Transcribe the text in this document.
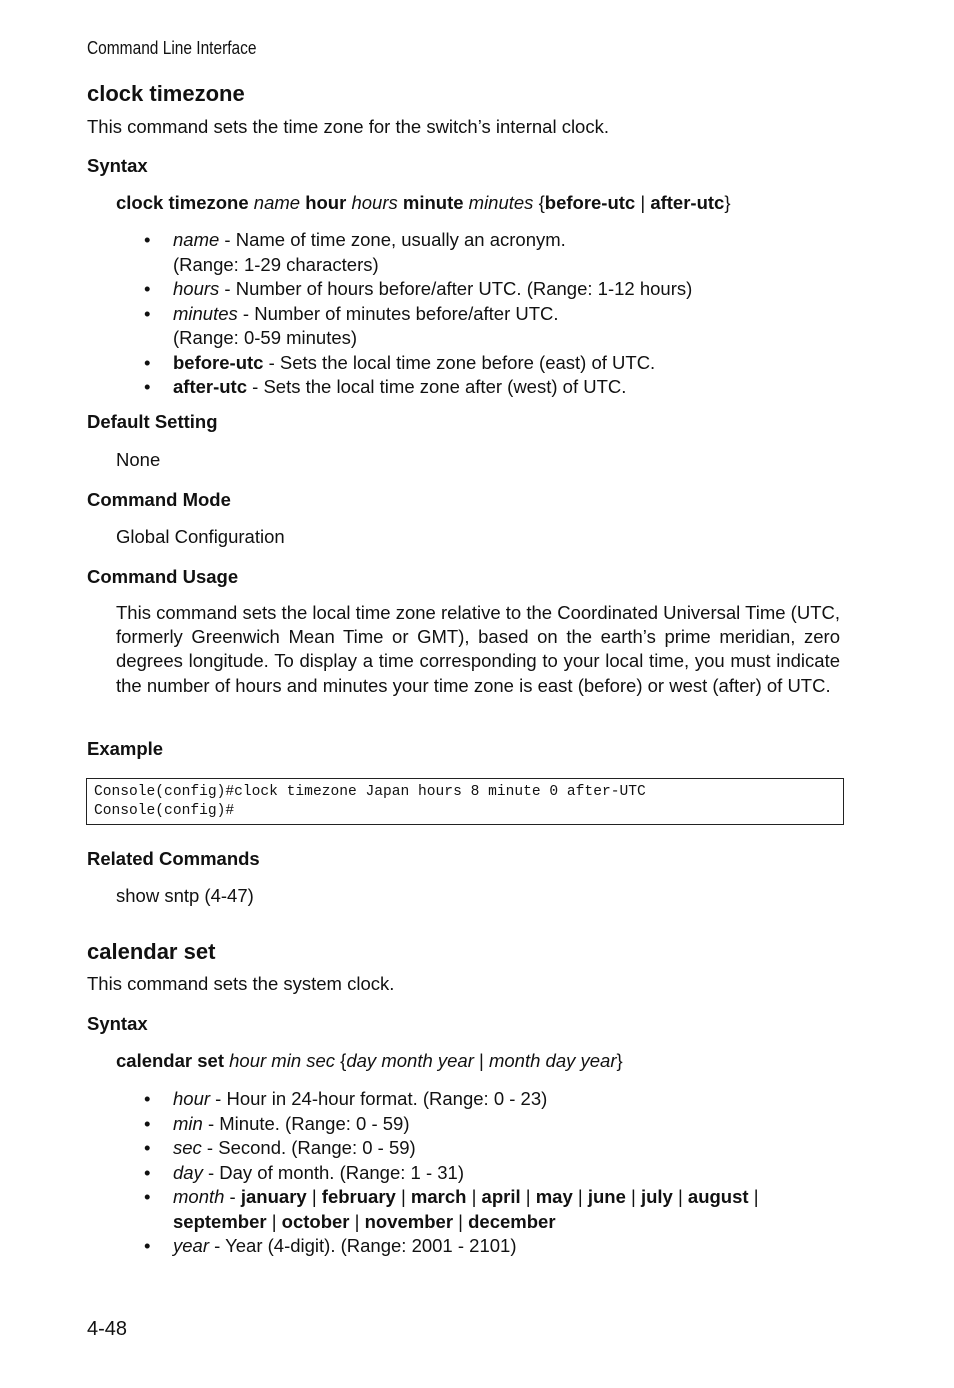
Command Line Interface
clock timezone

This command sets the time zone for the switch’s internal clock.

Syntax

clock timezone name hour hours minute minutes {before-utc | after-utc}

• name - Name of time zone, usually an acronym.
(Range: 1-29 characters)
• hours - Number of hours before/after UTC. (Range: 1-12 hours)
• minutes - Number of minutes before/after UTC.
(Range: 0-59 minutes)
• before-utc - Sets the local time zone before (east) of UTC.
• after-utc - Sets the local time zone after (west) of UTC.
Default Setting

None

Command Mode

Global Configuration

Command Usage

This command sets the local time zone relative to the Coordinated Universal Time (UTC, formerly Greenwich Mean Time or GMT), based on the earth’s prime meridian, zero degrees longitude. To display a time corresponding to your local time, you must indicate the number of hours and minutes your time zone is east (before) or west (after) of UTC.

Example
Console(config)#clock timezone Japan hours 8 minute 0 after-UTC
Console(config)#
Related Commands

show sntp (4-47)

calendar set

This command sets the system clock.

Syntax

calendar set hour min sec {day month year | month day year}

• hour - Hour in 24-hour format. (Range: 0 - 23)
• min - Minute. (Range: 0 - 59)
• sec - Second. (Range: 0 - 59)
• day - Day of month. (Range: 1 - 31)
• month - january | february | march | april | may | june | july | august | september | october | november | december
• year - Year (4-digit). (Range: 2001 - 2101)
4-48
